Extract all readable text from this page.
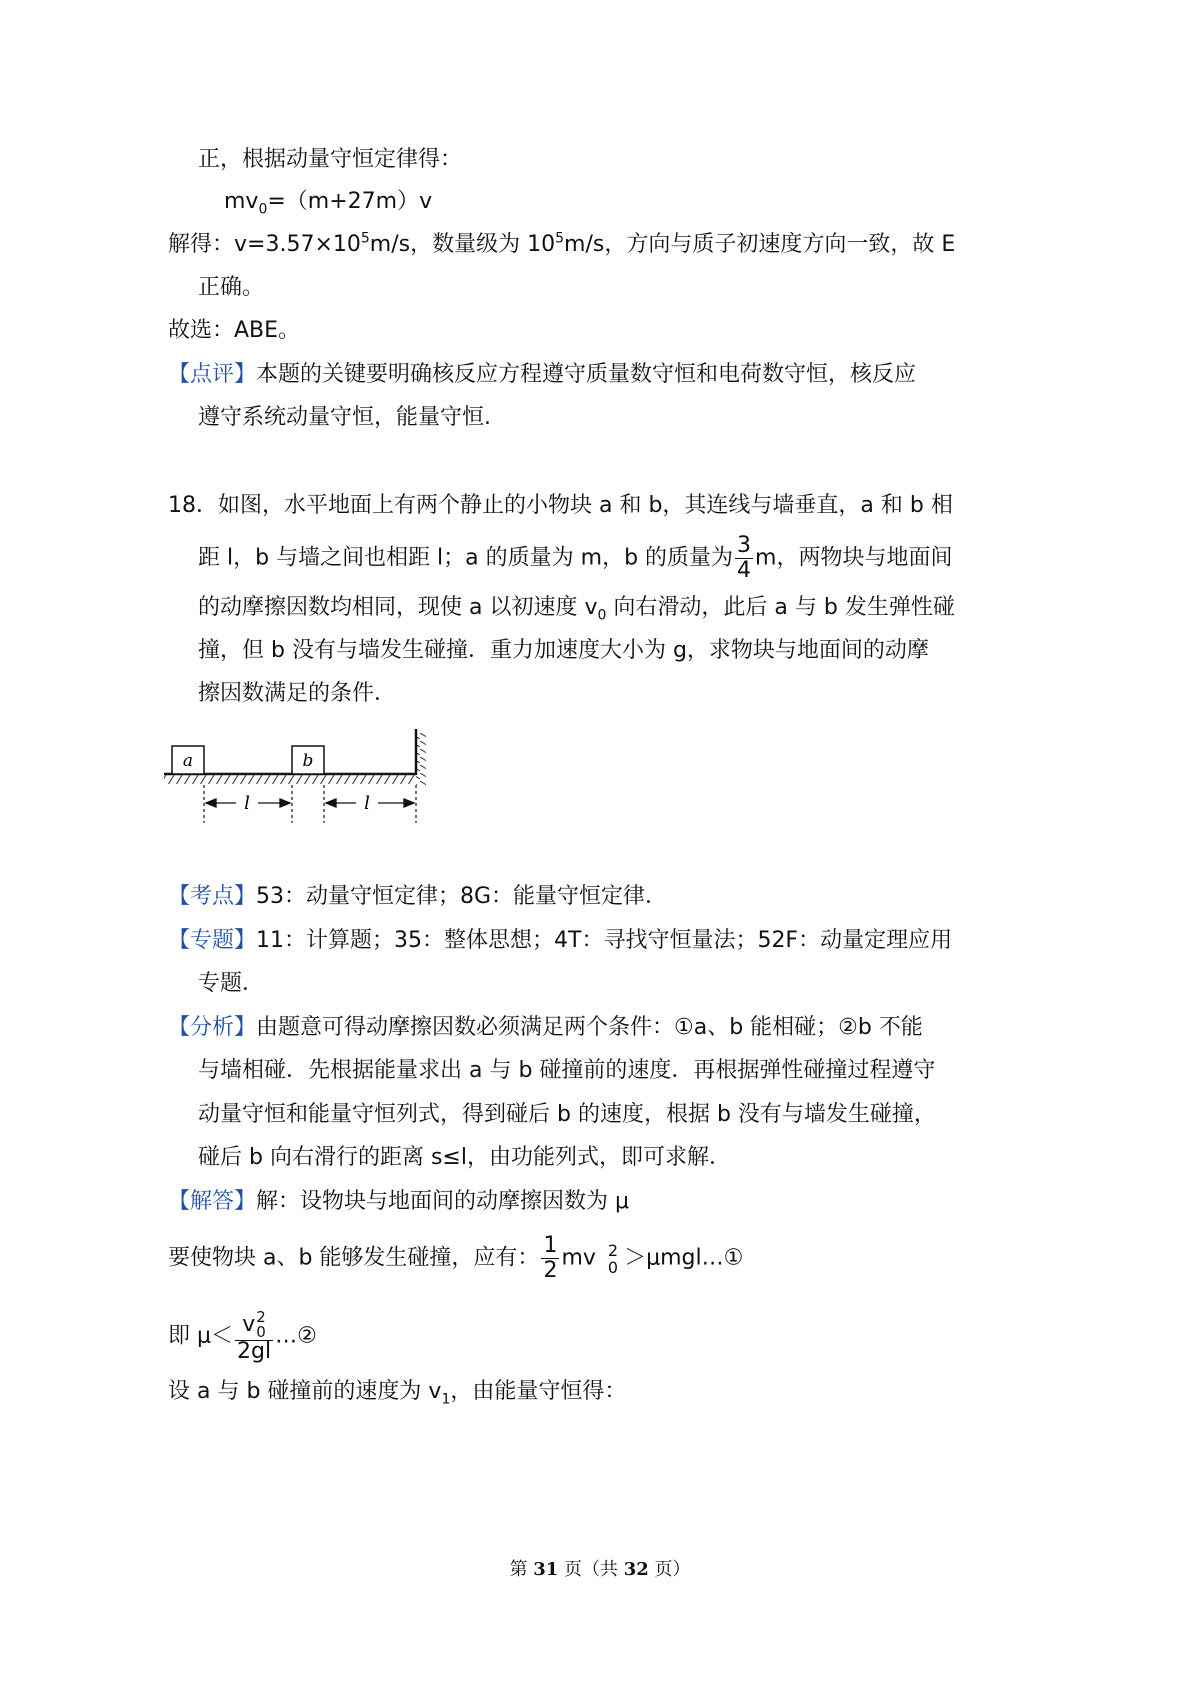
正，根据动量守恒定律得：
$mv_0=(m+27m)v$
解得：$v=3.57\times 10^5m/s$，数量级为 $10^5m/s$，方向与质子初速度方向一致，故 E
正确。
故选：ABE。
【点评】本题的关键要明确核反应方程遵守质量数守恒和电荷数守恒，核反应
遵守系统动量守恒，能量守恒.
18．如图，水平地面上有两个静止的小物块 a 和 b，其连线与墙垂直，a 和 b 相
距 l，b 与墙之间也相距 l；a 的质量为 m，b 的质量为 $\frac{3}{4}$ m，两物块与地面间
的动摩擦因数均相同，现使 a 以初速度 $v_0$ 向右滑动，此后 a 与 b 发生弹性碰
撞，但 b 没有与墙发生碰撞．重力加速度大小为 g，求物块与地面间的动摩
擦因数满足的条件．
a	b
l	l
【考点】53：动量守恒定律；8G：能量守恒定律．
【专题】11：计算题；35：整体思想；4T：寻找守恒量法；52F：动量定理应用
专题．
【分析】由题意可得动摩擦因数必须满足两个条件：①a、b 能相碰；②b 不能
与墙相碰．先根据能量求出 a 与 b 碰撞前的速度．再根据弹性碰撞过程遵守
动量守恒和能量守恒列式，得到碰后 b 的速度，根据 b 没有与墙发生碰撞，
碰后 b 向右滑行的距离 s≤l，由功能列式，即可求解．
【解答】解：设物块与地面间的动摩擦因数为 μ
要使物块 a、b 能够发生碰撞，应有： $\frac{1}{2}$ mv 2
0 ＞μmgl…①
即 μ＜ v 2
0
2gl …②
设 a 与 b 碰撞前的速度为 $v_1$，由能量守恒得：
第 31 页（共 32 页）
